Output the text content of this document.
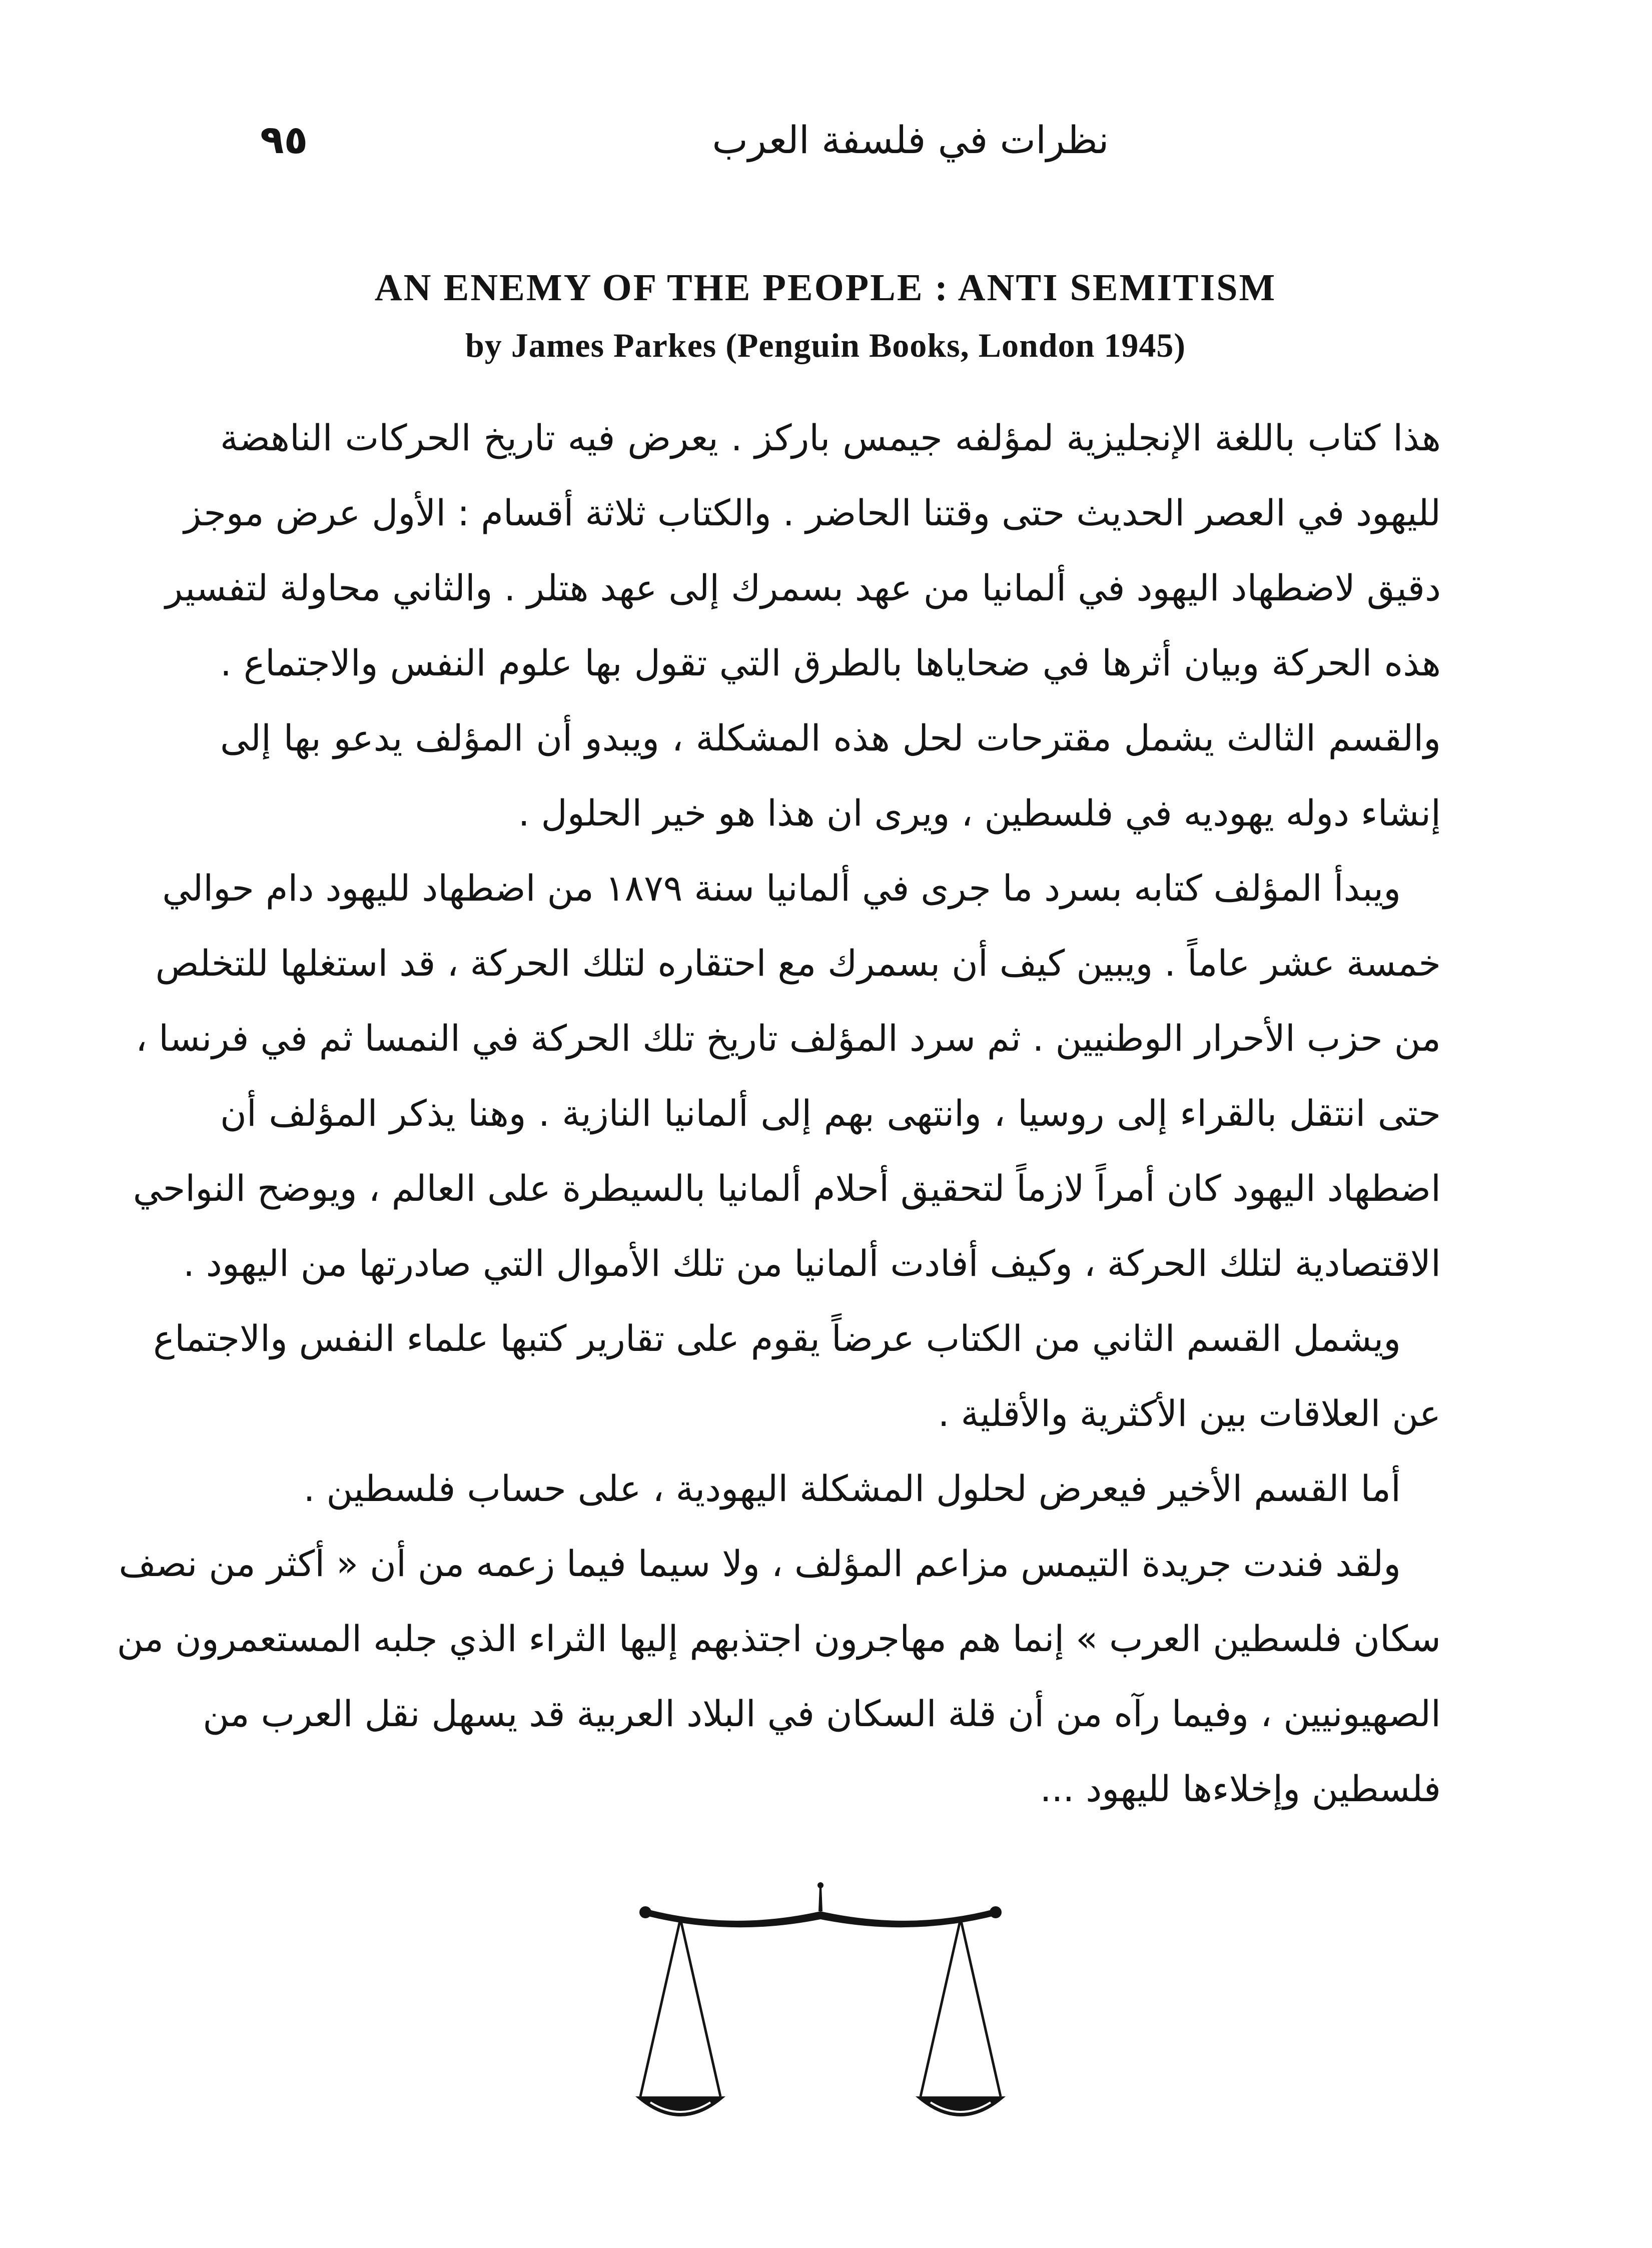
٩٥	نظرات في فلسفة العرب
AN ENEMY OF THE PEOPLE : ANTI SEMITISM
by James Parkes (Penguin Books, London 1945)
هذا كتاب باللغة الإنجليزية لمؤلفه جيمس باركز . يعرض فيه تاريخ الحركات الناهضة
لليهود في العصر الحديث حتى وقتنا الحاضر . والكتاب ثلاثة أقسام : الأول عرض موجز
دقيق لاضطهاد اليهود في ألمانيا من عهد بسمرك إلى عهد هتلر . والثاني محاولة لتفسير
هذه الحركة وبيان أثرها في ضحاياها بالطرق التي تقول بها علوم النفس والاجتماع .
والقسم الثالث يشمل مقترحات لحل هذه المشكلة ، ويبدو أن المؤلف يدعو بها إلى
إنشاء دوله يهوديه في فلسطين ، ويرى ان هذا هو خير الحلول .
ويبدأ المؤلف كتابه بسرد ما جرى في ألمانيا سنة ١٨٧٩ من اضطهاد لليهود دام حوالي
خمسة عشر عاماً . ويبين كيف أن بسمرك مع احتقاره لتلك الحركة ، قد استغلها للتخلص
من حزب الأحرار الوطنيين . ثم سرد المؤلف تاريخ تلك الحركة في النمسا ثم في فرنسا ،
حتى انتقل بالقراء إلى روسيا ، وانتهى بهم إلى ألمانيا النازية . وهنا يذكر المؤلف أن
اضطهاد اليهود كان أمراً لازماً لتحقيق أحلام ألمانيا بالسيطرة على العالم ، ويوضح النواحي
الاقتصادية لتلك الحركة ، وكيف أفادت ألمانيا من تلك الأموال التي صادرتها من اليهود .
ويشمل القسم الثاني من الكتاب عرضاً يقوم على تقارير كتبها علماء النفس والاجتماع
عن العلاقات بين الأكثرية والأقلية .
أما القسم الأخير فيعرض لحلول المشكلة اليهودية ، على حساب فلسطين .
ولقد فندت جريدة التيمس مزاعم المؤلف ، ولا سيما فيما زعمه من أن « أكثر من نصف
سكان فلسطين العرب » إنما هم مهاجرون اجتذبهم إليها الثراء الذي جلبه المستعمرون من
الصهيونيين ، وفيما رآه من أن قلة السكان في البلاد العربية قد يسهل نقل العرب من
فلسطين وإخلاءها لليهود ...
